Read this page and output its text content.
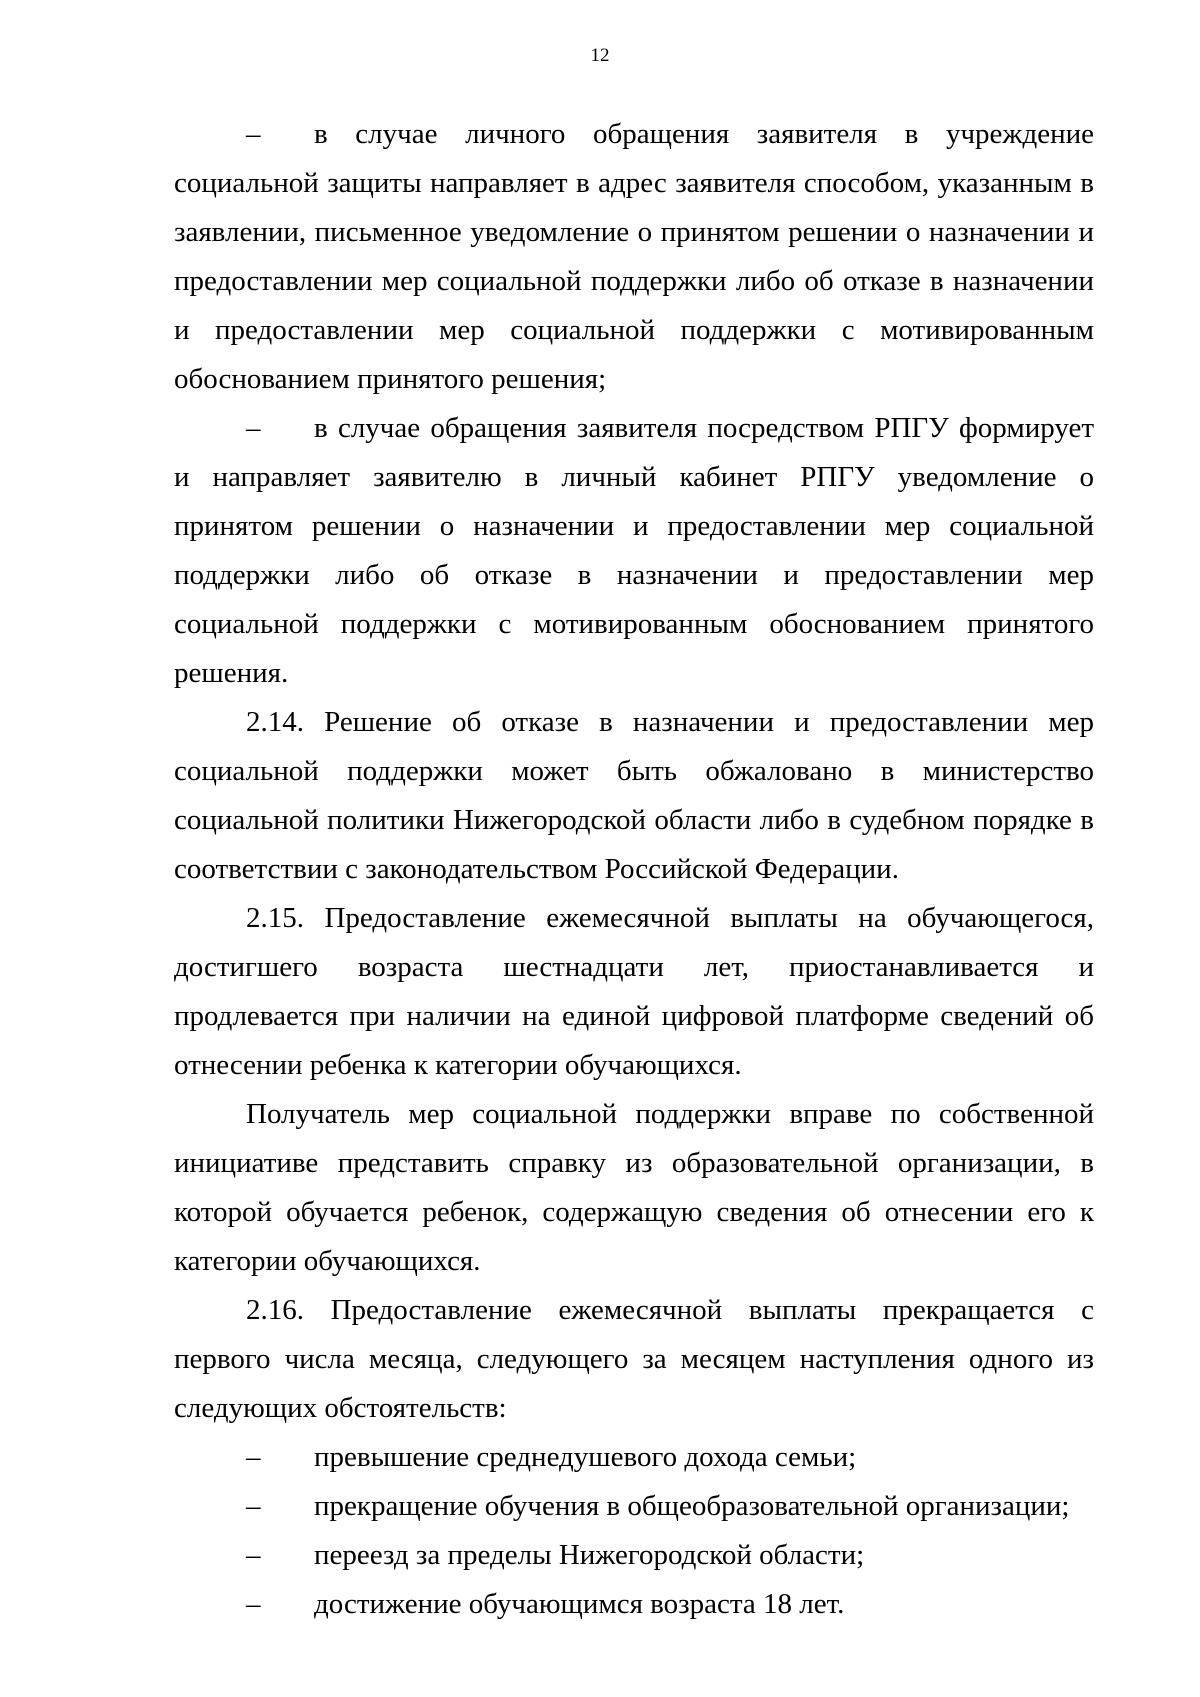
12

– в случае личного обращения заявителя в учреждение социальной защиты направляет в адрес заявителя способом, указанным в заявлении, письменное уведомление о принятом решении о назначении и предоставлении мер социальной поддержки либо об отказе в назначении и предоставлении мер социальной поддержки с мотивированным обоснованием принятого решения;

– в случае обращения заявителя посредством РПГУ формирует и направляет заявителю в личный кабинет РПГУ уведомление о принятом решении о назначении и предоставлении мер социальной поддержки либо об отказе в назначении и предоставлении мер социальной поддержки с мотивированным обоснованием принятого решения.

2.14. Решение об отказе в назначении и предоставлении мер социальной поддержки может быть обжаловано в министерство социальной политики Нижегородской области либо в судебном порядке в соответствии с законодательством Российской Федерации.

2.15. Предоставление ежемесячной выплаты на обучающегося, достигшего возраста шестнадцати лет, приостанавливается и продлевается при наличии на единой цифровой платформе сведений об отнесении ребенка к категории обучающихся.

Получатель мер социальной поддержки вправе по собственной инициативе представить справку из образовательной организации, в которой обучается ребенок, содержащую сведения об отнесении его к категории обучающихся.

2.16. Предоставление ежемесячной выплаты прекращается с первого числа месяца, следующего за месяцем наступления одного из следующих обстоятельств:

–	превышение среднедушевого дохода семьи;

–	прекращение обучения в общеобразовательной организации;

–	переезд за пределы Нижегородской области;

–	достижение обучающимся возраста 18 лет.
